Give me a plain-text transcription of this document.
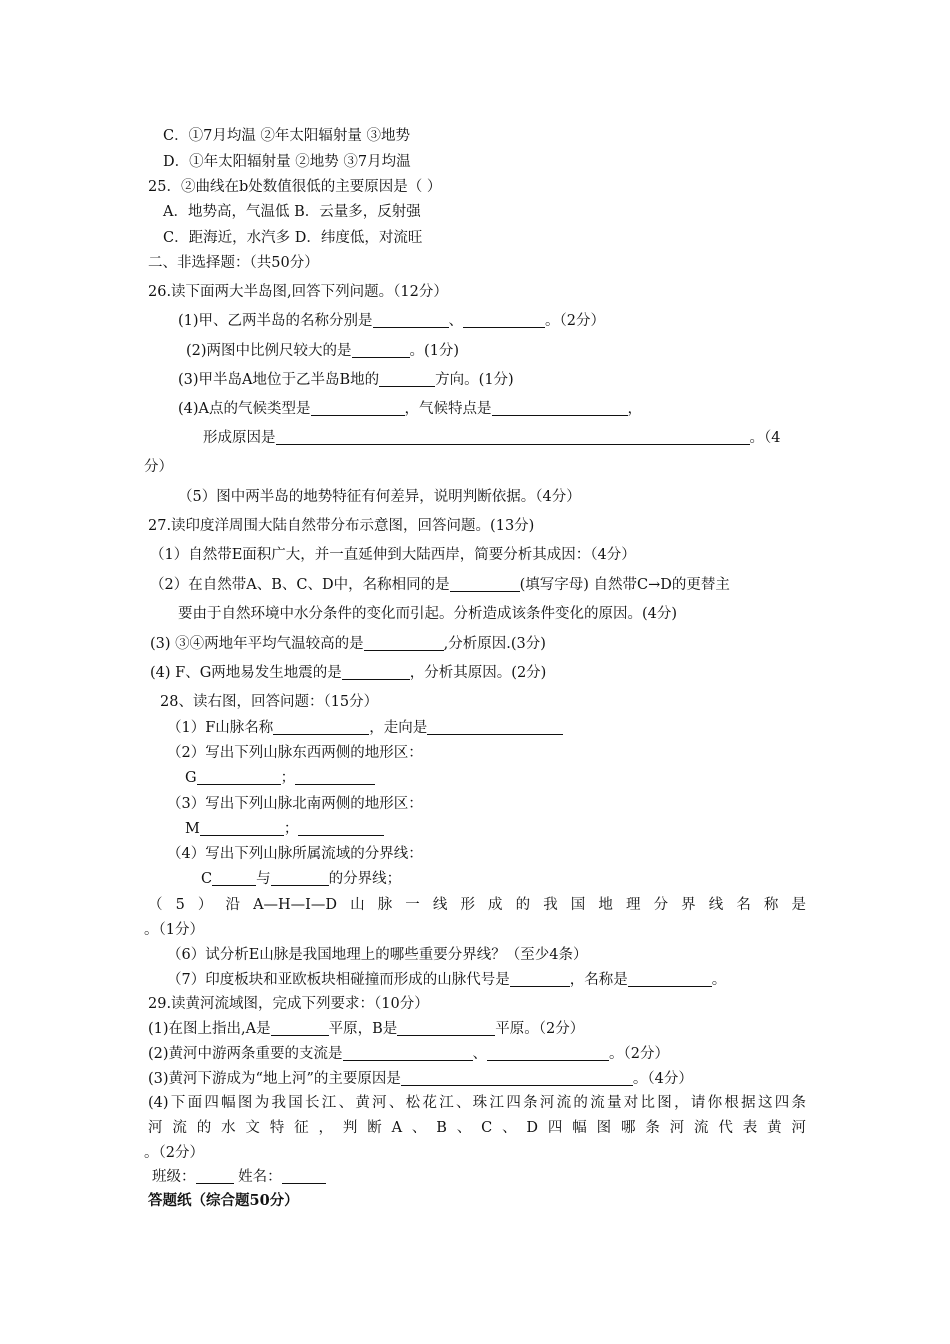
C．①7月均温 ②年太阳辐射量 ③地势
D．①年太阳辐射量 ②地势 ③7月均温
25．②曲线在b处数值很低的主要原因是（ ）
A．地势高，气温低 B．云量多，反射强
C．距海近，水汽多 D．纬度低，对流旺
二、非选择题：（共50分）
26.读下面两大半岛图,回答下列问题。（12分）
(1)甲、乙两半岛的名称分别是	、	。（2分）
(2)两图中比例尺较大的是	。(1分)
(3)甲半岛A地位于乙半岛B地的	方向。(1分)
(4)A点的气候类型是	，气候特点是	，
形成原因是	。（4
分）
（5）图中两半岛的地势特征有何差异，说明判断依据。（4分）
27.读印度洋周围大陆自然带分布示意图，回答问题。(13分)
（1）自然带E面积广大，并一直延伸到大陆西岸，简要分析其成因：（4分）
（2）在自然带A、B、C、D中，名称相同的是	(填写字母) 自然带C→D的更替主
要由于自然环境中水分条件的变化而引起。分析造成该条件变化的原因。(4分)
(3) ③④两地年平均气温较高的是	,分析原因.(3分)
(4) F、G两地易发生地震的是	，分析其原因。(2分)
28、读右图，回答问题：（15分）
（1）F山脉名称	，走向是
（2）写出下列山脉东西两侧的地形区：
G	；
（3）写出下列山脉北南两侧的地形区：
M	；
（4）写出下列山脉所属流域的分界线：
C	与	的分界线；
（5）沿A—H—I—D山脉一线形成的我国地理分界线名称是
。（1分）
（6）试分析E山脉是我国地理上的哪些重要分界线？（至少4条）
（7）印度板块和亚欧板块相碰撞而形成的山脉代号是	，名称是	。
29.读黄河流域图，完成下列要求：（10分）
(1)在图上指出,A是	平原，B是	平原。（2分）
(2)黄河中游两条重要的支流是	、	。（2分）
(3)黄河下游成为“地上河”的主要原因是	。（4分）
(4)下面四幅图为我国长江、黄河、松花江、珠江四条河流的流量对比图，请你根据这四条
河流的水文特征，判断A、B、C、D四幅图哪条河流代表黄河
。（2分）
班级：	姓名：
答题纸（综合题50分）
